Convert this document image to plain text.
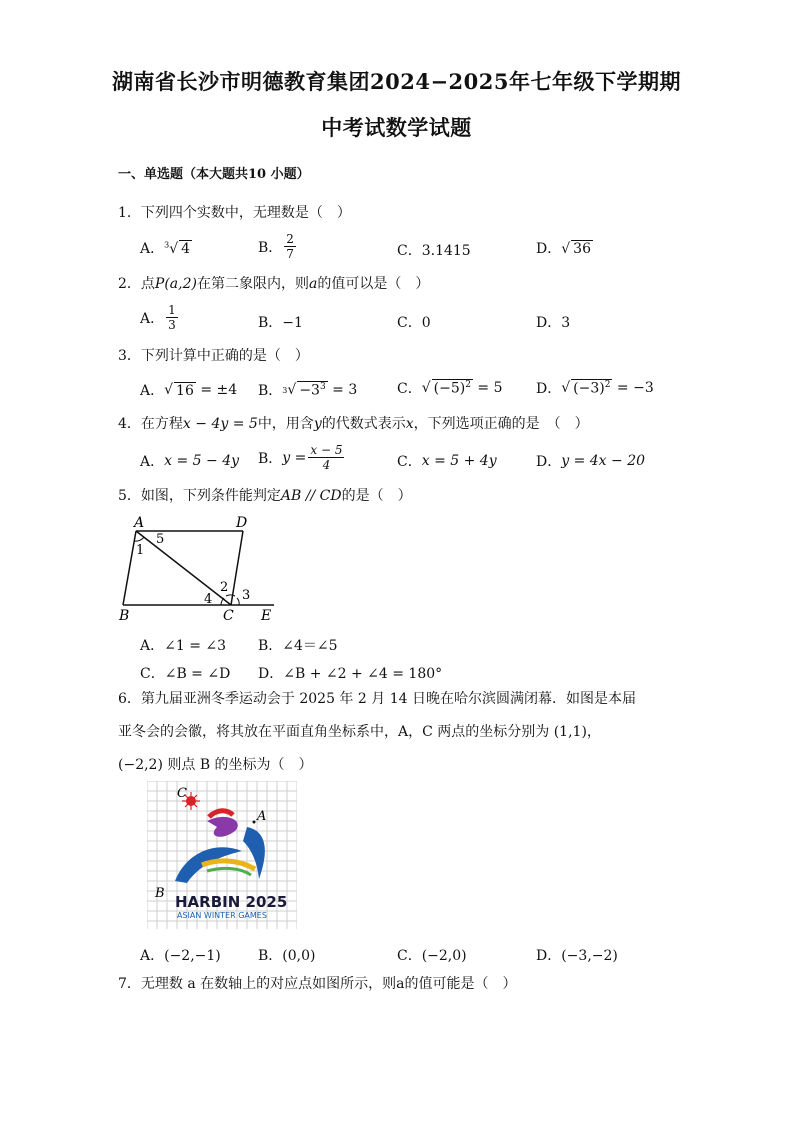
湖南省长沙市明德教育集团2024−2025年七年级下学期期
中考试数学试题
一、单选题（本大题共10 小题）
1．下列四个实数中，无理数是（　）
A． $^3$√ 4	B． $\frac{2}{7}$	C．3.1415	D． √ 36
2．点P(a,2)在第二象限内，则a的值可以是（　）
A． $\frac{1}{3}$	B．−1	C．0	D．3
3．下列计算中正确的是（　）
A． √ 16
= ±4 B． 3 √ $-3^3$
= 3	C． √ $(-5)^2$
= 5 D． √ $(-3)^2$
= −3
4．在方程x − 4y = 5中，用含y的代数式表示x，下列选项正确的是　（　）
A． x = 5 − 4y B． $y = \frac{x - 5}{4}$	C． x = 5 + 4y	D． y = 4x − 20
5．如图，下列条件能判定AB // CD的是（　）
A	D
B	C E
1
5
2
3
4
A．∠1 = ∠3 B．∠4＝∠5
C．∠B = ∠D D．∠B + ∠2 + ∠4 = 180°
6．第九届亚洲冬季运动会于 2025 年 2 月 14 日晚在哈尔滨圆满闭幕．如图是本届
亚冬会的会徽，将其放在平面直角坐标系中，A，C 两点的坐标分别为 (1,1)，
(−2,2) 则点 B 的坐标为（　）
C
A
B HARBIN 2025
ASIAN WINTER GAMES
A．(−2,−1)	B．(0,0)	C．(−2,0)	D．(−3,−2)
7．无理数 a 在数轴上的对应点如图所示，则a的值可能是（　）
